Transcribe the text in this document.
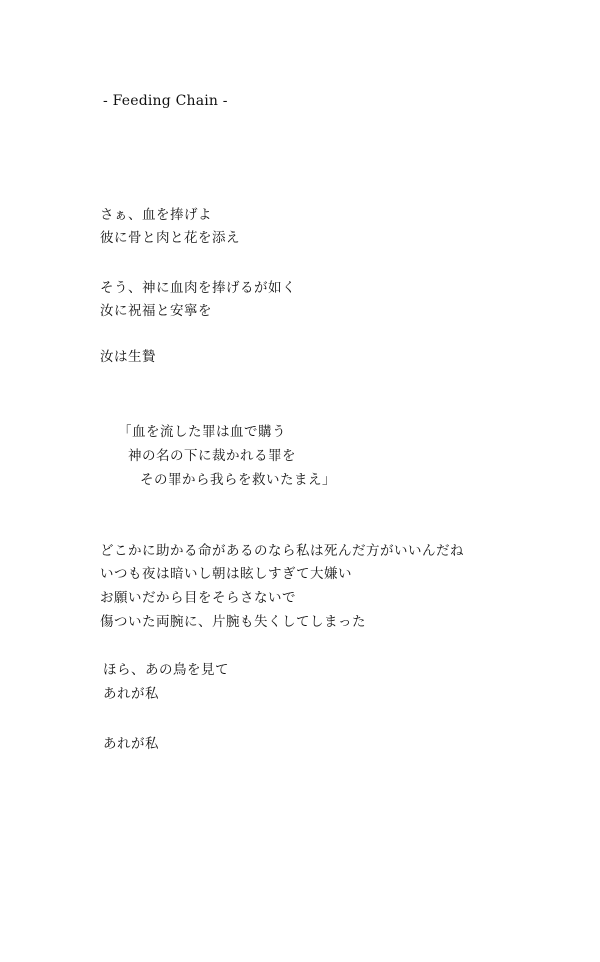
- Feeding Chain -
さぁ、血を捧げよ
彼に骨と肉と花を添え
そう、神に血肉を捧げるが如く
汝に祝福と安寧を
汝は生贄
「血を流した罪は血で購う
神の名の下に裁かれる罪を
その罪から我らを救いたまえ」
どこかに助かる命があるのなら私は死んだ方がいいんだね
いつも夜は暗いし朝は眩しすぎて大嫌い
お願いだから目をそらさないで
傷ついた両腕に、片腕も失くしてしまった
ほら、あの鳥を見て
あれが私
あれが私
